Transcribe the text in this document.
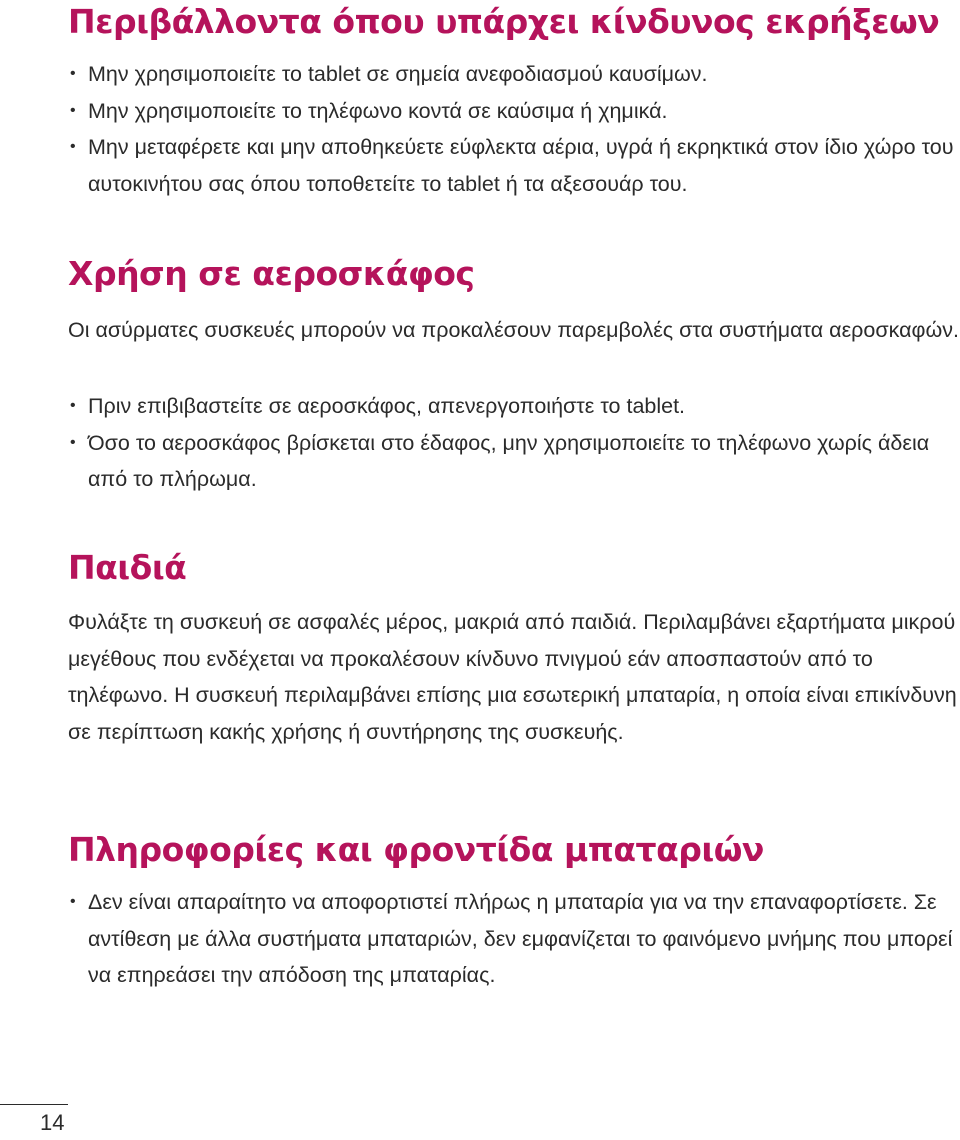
Περιβάλλοντα όπου υπάρχει κίνδυνος εκρήξεων
• Μην χρησιμοποιείτε το tablet σε σημεία ανεφοδιασμού καυσίμων.
• Μην χρησιμοποιείτε το τηλέφωνο κοντά σε καύσιμα ή χημικά.
• Μην μεταφέρετε και μην αποθηκεύετε εύφλεκτα αέρια, υγρά ή εκρηκτικά στον ίδιο χώρο του αυτοκινήτου σας όπου τοποθετείτε το tablet ή τα αξεσουάρ του.
Χρήση σε αεροσκάφος

Οι ασύρματες συσκευές μπορούν να προκαλέσουν παρεμβολές στα συστήματα αεροσκαφών.

• Πριν επιβιβαστείτε σε αεροσκάφος, απενεργοποιήστε το tablet.
• Όσο το αεροσκάφος βρίσκεται στο έδαφος, μην χρησιμοποιείτε το τηλέφωνο χωρίς άδεια από το πλήρωμα.
Παιδιά

Φυλάξτε τη συσκευή σε ασφαλές μέρος, μακριά από παιδιά. Περιλαμβάνει εξαρτήματα μικρού μεγέθους που ενδέχεται να προκαλέσουν κίνδυνο πνιγμού εάν αποσπαστούν από το τηλέφωνο. Η συσκευή περιλαμβάνει επίσης μια εσωτερική μπαταρία, η οποία είναι επικίνδυνη σε περίπτωση κακής χρήσης ή συντήρησης της συσκευής.

Πληροφορίες και φροντίδα μπαταριών
• Δεν είναι απαραίτητο να αποφορτιστεί πλήρως η μπαταρία για να την επαναφορτίσετε. Σε αντίθεση με άλλα συστήματα μπαταριών, δεν εμφανίζεται το φαινόμενο μνήμης που μπορεί να επηρεάσει την απόδοση της μπαταρίας.
14
